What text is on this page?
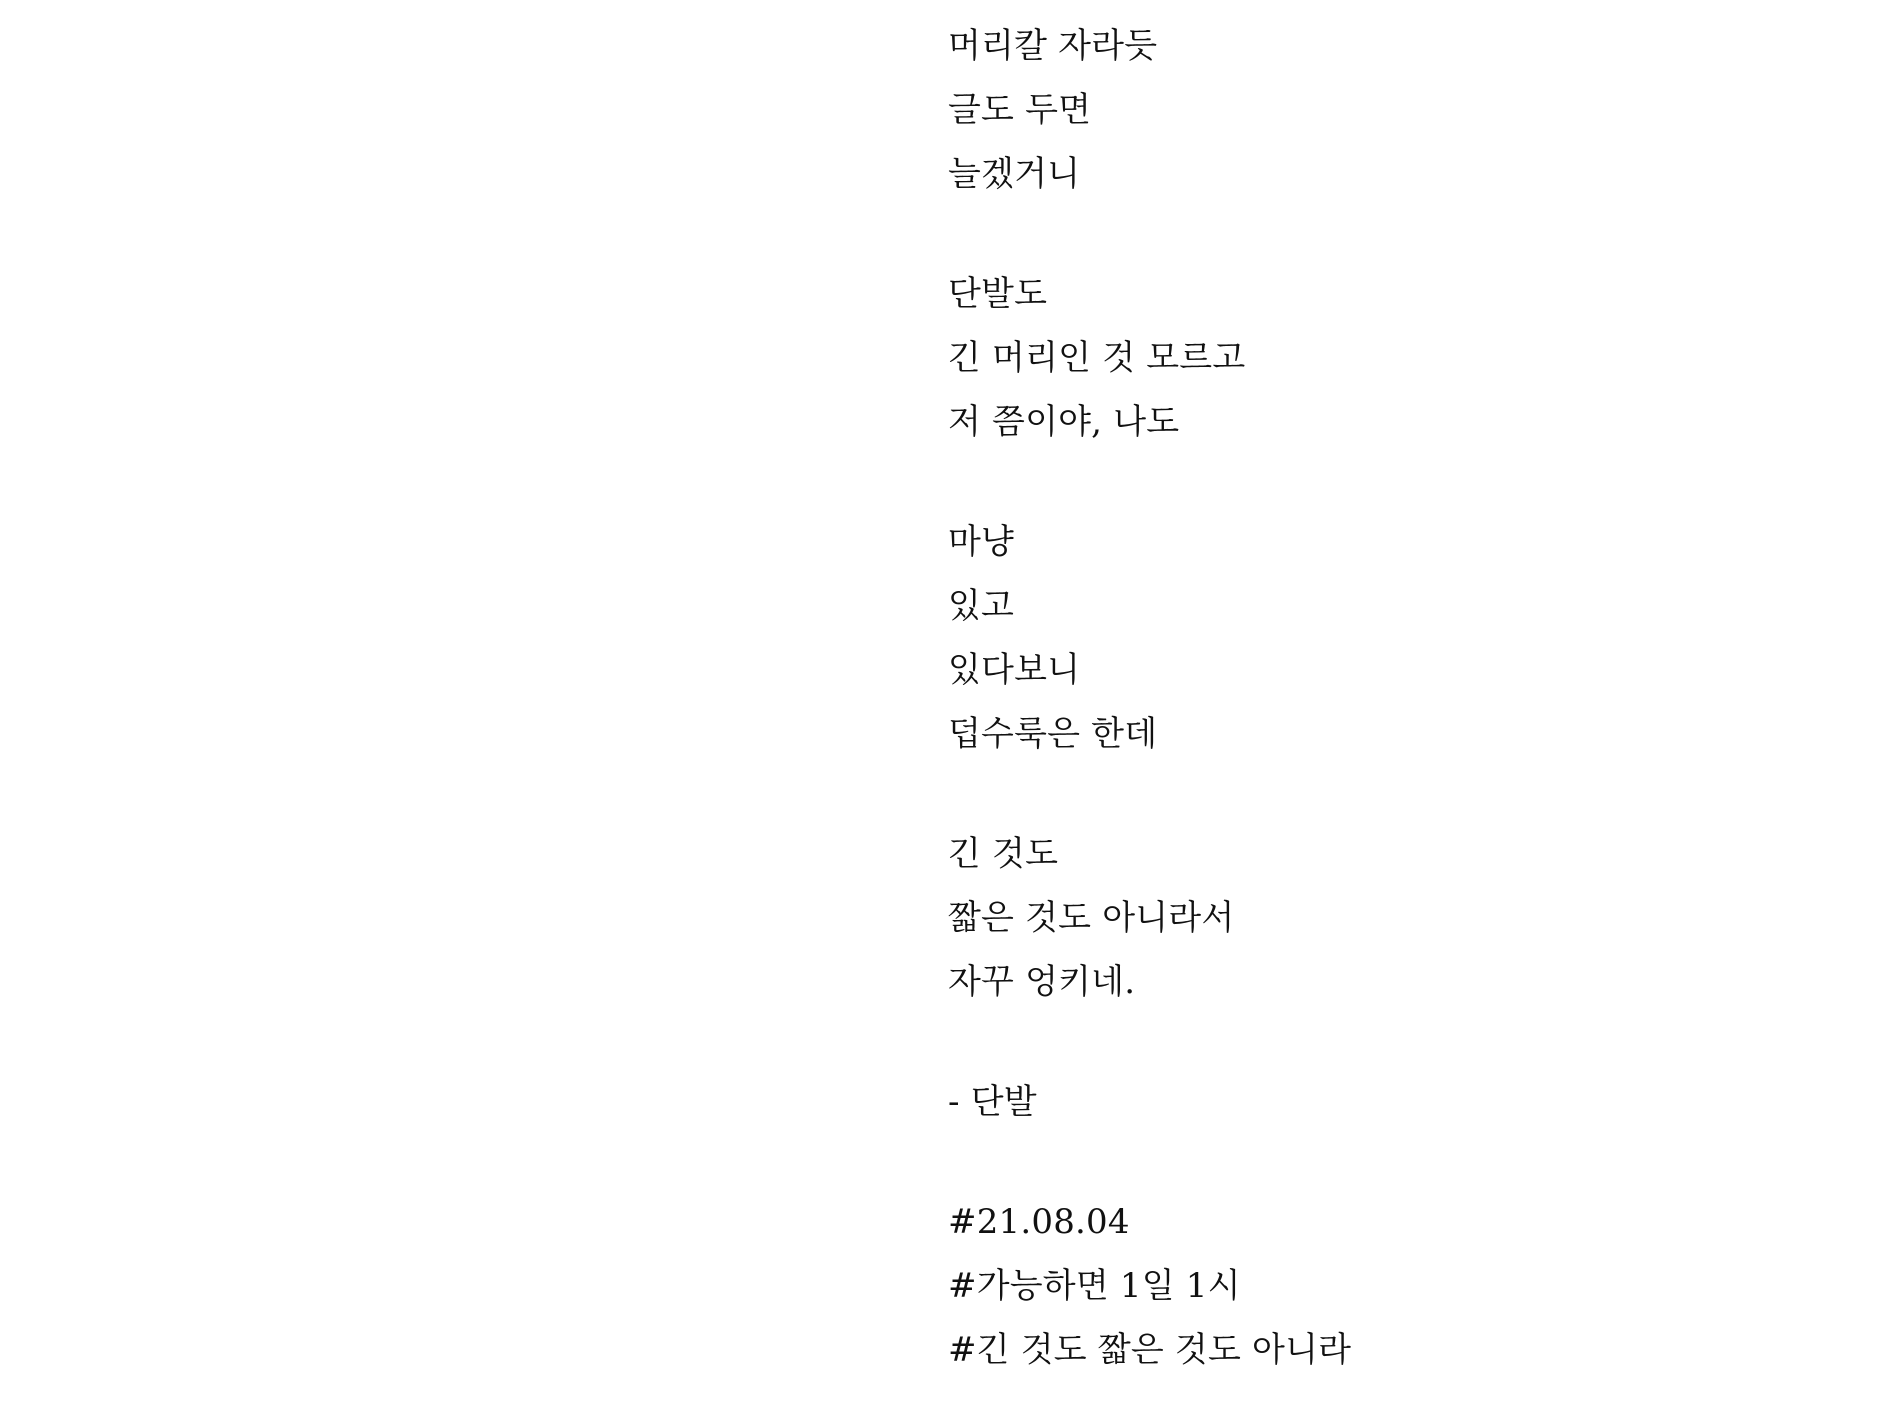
머리칼 자라듯
글도 두면
늘겠거니
단발도
긴 머리인 것 모르고
저 쯤이야, 나도
마냥
있고
있다보니
덥수룩은 한데
긴 것도
짧은 것도 아니라서
자꾸 엉키네.
- 단발
#21.08.04
#가능하면 1일 1시
#긴 것도 짧은 것도 아니라
